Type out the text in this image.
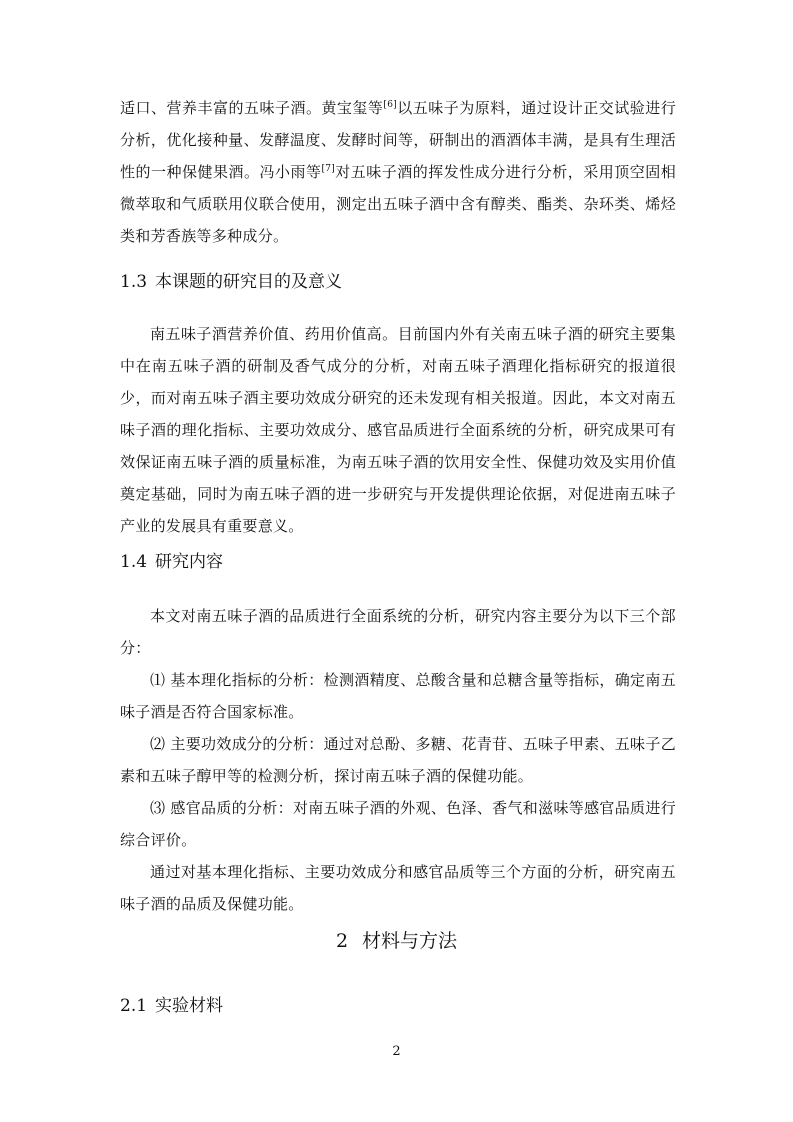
适口、营养丰富的五味子酒。黄宝玺等[6]以五味子为原料，通过设计正交试验进行分析，优化接种量、发酵温度、发酵时间等，研制出的酒酒体丰满，是具有生理活性的一种保健果酒。冯小雨等[7]对五味子酒的挥发性成分进行分析，采用顶空固相微萃取和气质联用仪联合使用，测定出五味子酒中含有醇类、酯类、杂环类、烯烃类和芳香族等多种成分。

1.3 本课题的研究目的及意义

南五味子酒营养价值、药用价值高。目前国内外有关南五味子酒的研究主要集中在南五味子酒的研制及香气成分的分析，对南五味子酒理化指标研究的报道很少，而对南五味子酒主要功效成分研究的还未发现有相关报道。因此，本文对南五味子酒的理化指标、主要功效成分、感官品质进行全面系统的分析，研究成果可有效保证南五味子酒的质量标准，为南五味子酒的饮用安全性、保健功效及实用价值奠定基础，同时为南五味子酒的进一步研究与开发提供理论依据，对促进南五味子产业的发展具有重要意义。

1.4 研究内容

本文对南五味子酒的品质进行全面系统的分析，研究内容主要分为以下三个部分：

⑴ 基本理化指标的分析：检测酒精度、总酸含量和总糖含量等指标，确定南五味子酒是否符合国家标准。

⑵ 主要功效成分的分析：通过对总酚、多糖、花青苷、五味子甲素、五味子乙素和五味子醇甲等的检测分析，探讨南五味子酒的保健功能。

⑶ 感官品质的分析：对南五味子酒的外观、色泽、香气和滋味等感官品质进行综合评价。

通过对基本理化指标、主要功效成分和感官品质等三个方面的分析，研究南五味子酒的品质及保健功能。

2 材料与方法
2.1 实验材料
2
